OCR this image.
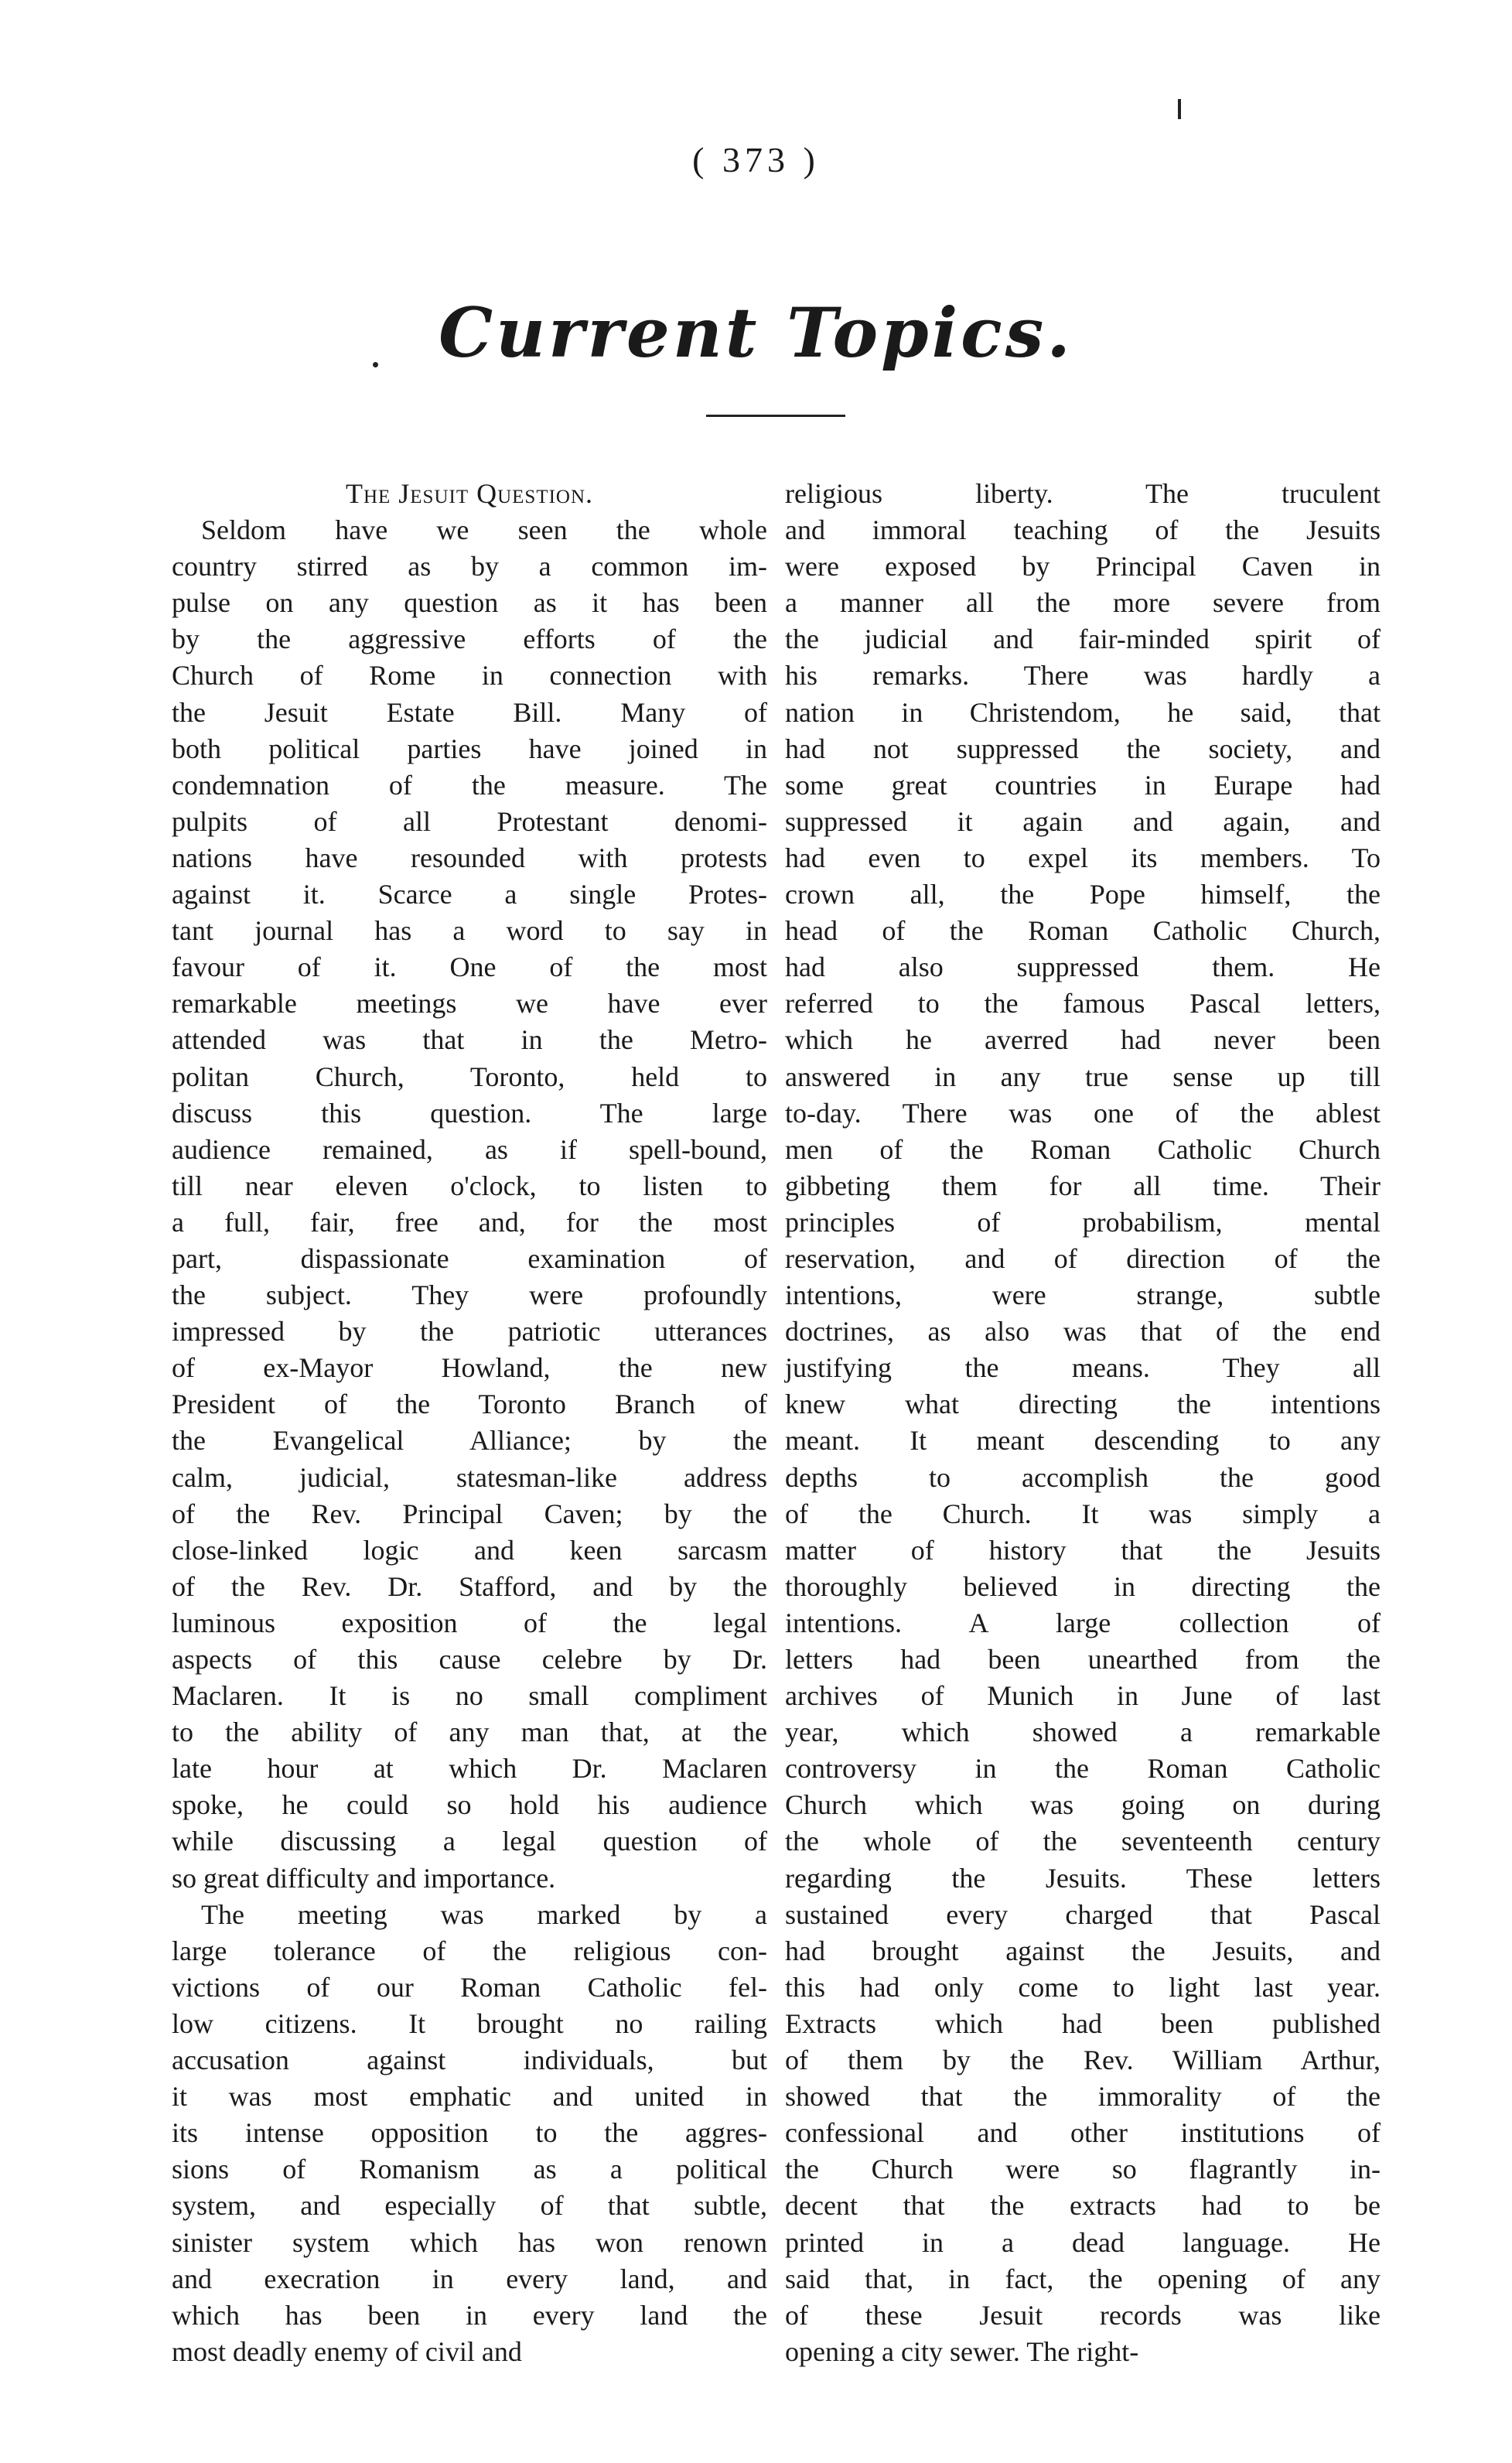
( 373 )
Current Topics.
The Jesuit Question.
Seldom have we seen the whole
country stirred as by a common im-
pulse on any question as it has been
by the aggressive efforts of the
Church of Rome in connection with
the Jesuit Estate Bill. Many of
both political parties have joined in
condemnation of the measure. The
pulpits of all Protestant denomi-
nations have resounded with protests
against it. Scarce a single Protes-
tant journal has a word to say in
favour of it. One of the most
remarkable meetings we have ever
attended was that in the Metro-
politan Church, Toronto, held to
discuss this question. The large
audience remained, as if spell-bound,
till near eleven o'clock, to listen to
a full, fair, free and, for the most
part, dispassionate examination of
the subject. They were profoundly
impressed by the patriotic utterances
of ex-Mayor Howland, the new
President of the Toronto Branch of
the Evangelical Alliance; by the
calm, judicial, statesman-like address
of the Rev. Principal Caven; by the
close-linked logic and keen sarcasm
of the Rev. Dr. Stafford, and by the
luminous exposition of the legal
aspects of this cause celebre by Dr.
Maclaren. It is no small compliment
to the ability of any man that, at the
late hour at which Dr. Maclaren
spoke, he could so hold his audience
while discussing a legal question of
so great difficulty and importance.
The meeting was marked by a
large tolerance of the religious con-
victions of our Roman Catholic fel-
low citizens. It brought no railing
accusation against individuals, but
it was most emphatic and united in
its intense opposition to the aggres-
sions of Romanism as a political
system, and especially of that subtle,
sinister system which has won renown
and execration in every land, and
which has been in every land the
most deadly enemy of civil and
religious liberty. The truculent
and immoral teaching of the Jesuits
were exposed by Principal Caven in
a manner all the more severe from
the judicial and fair-minded spirit of
his remarks. There was hardly a
nation in Christendom, he said, that
had not suppressed the society, and
some great countries in Eurape had
suppressed it again and again, and
had even to expel its members. To
crown all, the Pope himself, the
head of the Roman Catholic Church,
had also suppressed them. He
referred to the famous Pascal letters,
which he averred had never been
answered in any true sense up till
to-day. There was one of the ablest
men of the Roman Catholic Church
gibbeting them for all time. Their
principles of probabilism, mental
reservation, and of direction of the
intentions, were strange, subtle
doctrines, as also was that of the end
justifying the means. They all
knew what directing the intentions
meant. It meant descending to any
depths to accomplish the good
of the Church. It was simply a
matter of history that the Jesuits
thoroughly believed in directing the
intentions. A large collection of
letters had been unearthed from the
archives of Munich in June of last
year, which showed a remarkable
controversy in the Roman Catholic
Church which was going on during
the whole of the seventeenth century
regarding the Jesuits. These letters
sustained every charged that Pascal
had brought against the Jesuits, and
this had only come to light last year.
Extracts which had been published
of them by the Rev. William Arthur,
showed that the immorality of the
confessional and other institutions of
the Church were so flagrantly in-
decent that the extracts had to be
printed in a dead language. He
said that, in fact, the opening of any
of these Jesuit records was like
opening a city sewer. The right-
